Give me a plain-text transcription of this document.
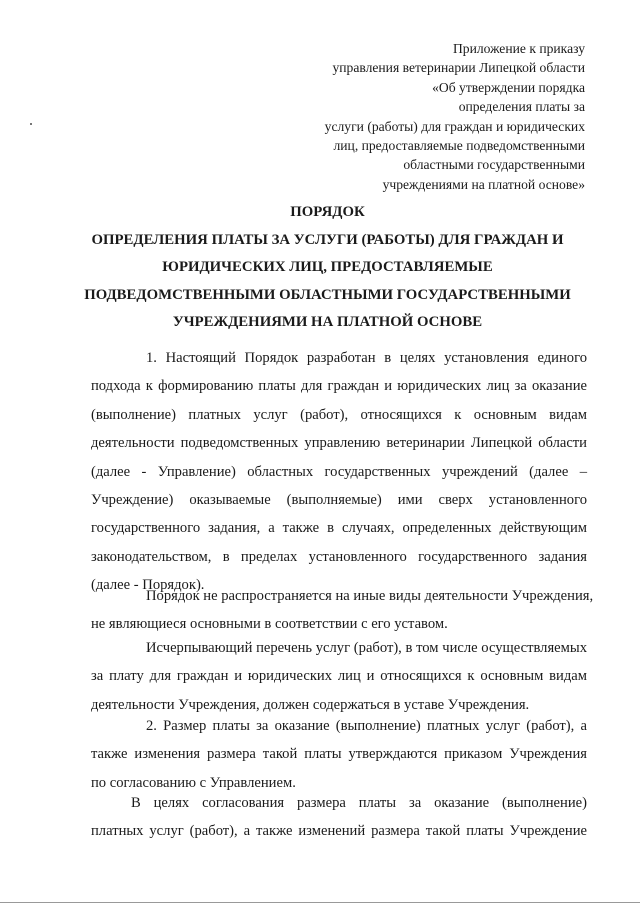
Приложение к приказу
управления ветеринарии Липецкой области
«Об утверждении порядка
определения платы за
услуги (работы) для граждан и юридических
лиц, предоставляемые подведомственными
областными государственными
учреждениями на платной основе»
ПОРЯДОК
ОПРЕДЕЛЕНИЯ ПЛАТЫ ЗА УСЛУГИ (РАБОТЫ) ДЛЯ ГРАЖДАН И
ЮРИДИЧЕСКИХ ЛИЦ, ПРЕДОСТАВЛЯЕМЫЕ
ПОДВЕДОМСТВЕННЫМИ ОБЛАСТНЫМИ ГОСУДАРСТВЕННЫМИ
УЧРЕЖДЕНИЯМИ НА ПЛАТНОЙ ОСНОВЕ

1. Настоящий Порядок разработан в целях установления единого
подхода к формированию платы для граждан и юридических лиц за оказание
(выполнение) платных услуг (работ), относящихся к основным видам
деятельности подведомственных управлению ветеринарии Липецкой области
(далее - Управление) областных государственных учреждений (далее –
Учреждение) оказываемые (выполняемые) ими сверх установленного
государственного задания, а также в случаях, определенных действующим
законодательством, в пределах установленного государственного задания
(далее - Порядок).

Порядок не распространяется на иные виды деятельности Учреждения,
не являющиеся основными в соответствии с его уставом.

Исчерпывающий перечень услуг (работ), в том числе осуществляемых
за плату для граждан и юридических лиц и относящихся к основным видам
деятельности Учреждения, должен содержаться в уставе Учреждения.

2. Размер платы за оказание (выполнение) платных услуг (работ), а
также изменения размера такой платы утверждаются приказом Учреждения
по согласованию с Управлением.

В целях согласования размера платы за оказание (выполнение)
платных услуг (работ), а также изменений размера такой платы Учреждение
